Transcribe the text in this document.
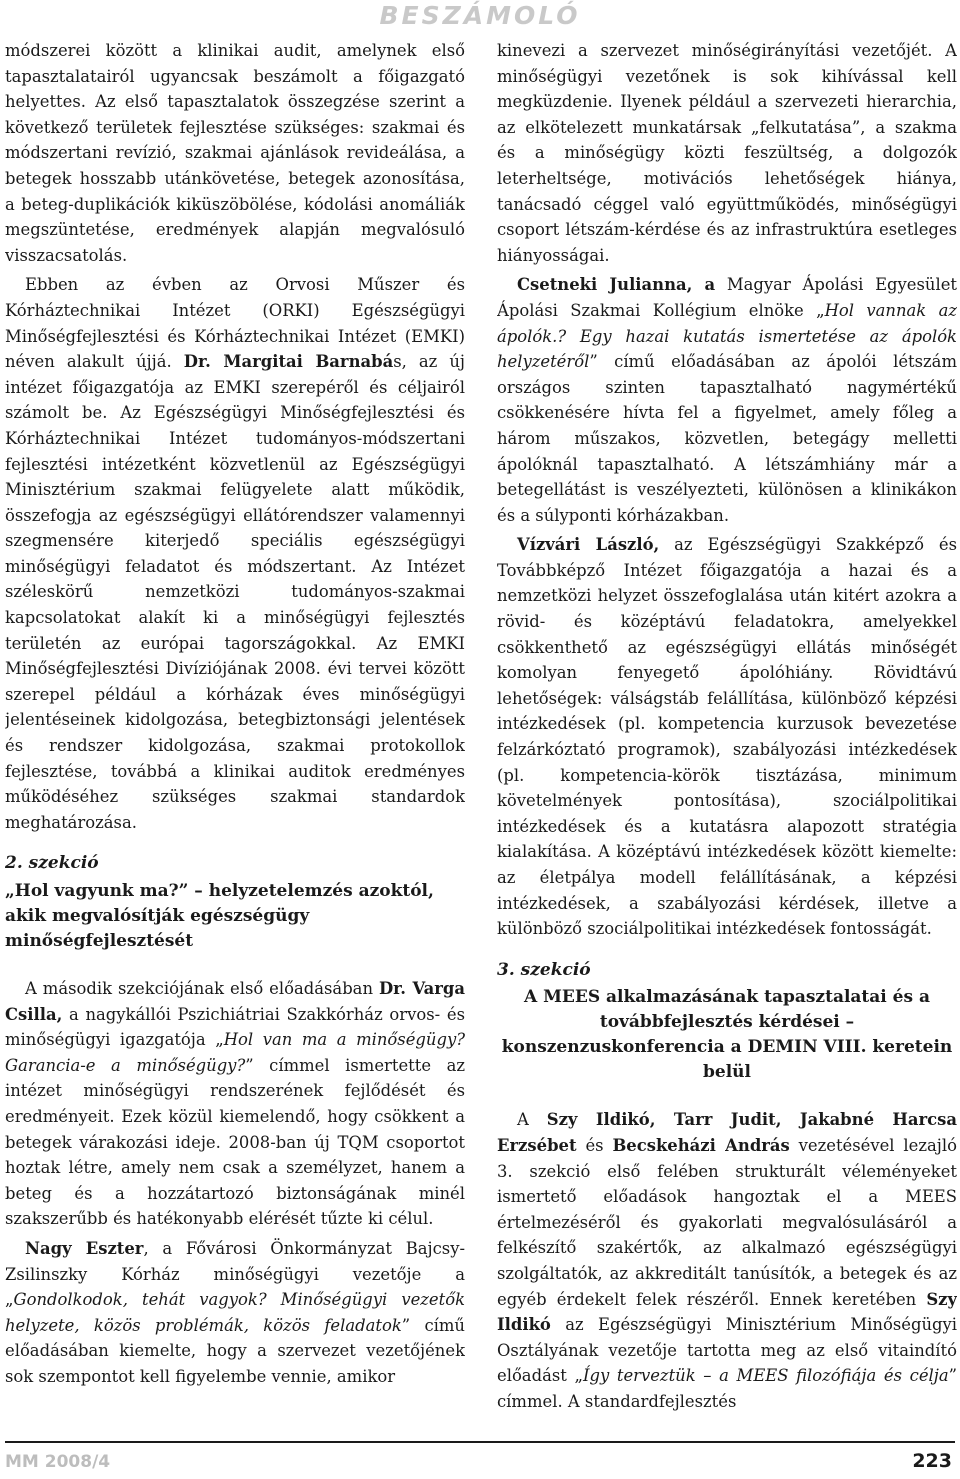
BESZÁMOLÓ

módszerei között a klinikai audit, amelynek első tapasztalatairól ugyancsak beszámolt a főigazgató helyettes. Az első tapasztalatok összegzése szerint a következő területek fejlesztése szükséges: szakmai és módszertani revízió, szakmai ajánlások revideálása, a betegek hosszabb utánkövetése, betegek azonosítása, a beteg-duplikációk kiküszöbölése, kódolási anomáliák megszüntetése, eredmények alapján megvalósuló visszacsatolás.

Ebben az évben az Orvosi Műszer és Kórháztechnikai Intézet (ORKI) Egészségügyi Minőségfejlesztési és Kórháztechnikai Intézet (EMKI) néven alakult újjá. Dr. Margitai Barnabás, az új intézet főigazgatója az EMKI szerepéről és céljairól számolt be. Az Egészségügyi Minőségfejlesztési és Kórháztechnikai Intézet tudományos-módszertani fejlesztési intézetként közvetlenül az Egészségügyi Minisztérium szakmai felügyelete alatt működik, összefogja az egészségügyi ellátórendszer valamennyi szegmensére kiterjedő speciális egészségügyi minőségügyi feladatot és módszertant. Az Intézet széleskörű nemzetközi tudományos-szakmai kapcsolatokat alakít ki a minőségügyi fejlesztés területén az európai tagországokkal. Az EMKI Minőségfejlesztési Divíziójának 2008. évi tervei között szerepel például a kórházak éves minőségügyi jelentéseinek kidolgozása, betegbiztonsági jelentések és rendszer kidolgozása, szakmai protokollok fejlesztése, továbbá a klinikai auditok eredményes működéséhez szükséges szakmai standardok meghatározása.

2. szekció
„Hol vagyunk ma?” – helyzetelemzés azoktól, akik megvalósítják egészségügy minőségfejlesztését

A második szekciójának első előadásában Dr. Varga Csilla, a nagykállói Pszichiátriai Szakkórház orvos- és minőségügyi igazgatója „Hol van ma a minőségügy? Garancia-e a minőségügy?” címmel ismertette az intézet minőségügyi rendszerének fejlődését és eredményeit. Ezek közül kiemelendő, hogy csökkent a betegek várakozási ideje. 2008-ban új TQM csoportot hoztak létre, amely nem csak a személyzet, hanem a beteg és a hozzátartozó biztonságának minél szakszerűbb és hatékonyabb elérését tűzte ki célul.

Nagy Eszter, a Fővárosi Önkormányzat Bajcsy-Zsilinszky Kórház minőségügyi vezetője a „Gondolkodok, tehát vagyok? Minőségügyi vezetők helyzete, közös problémák, közös feladatok” című előadásában kiemelte, hogy a szervezet vezetőjének sok szempontot kell figyelembe vennie, amikor

kinevezi a szervezet minőségirányítási vezetőjét. A minőségügyi vezetőnek is sok kihívással kell megküzdenie. Ilyenek például a szervezeti hierarchia, az elkötelezett munkatársak „felkutatása”, a szakma és a minőségügy közti feszültség, a dolgozók leterheltsége, motivációs lehetőségek hiánya, tanácsadó céggel való együttműködés, minőségügyi csoport létszám-kérdése és az infrastruktúra esetleges hiányosságai.

Csetneki Julianna, a Magyar Ápolási Egyesület Ápolási Szakmai Kollégium elnöke „Hol vannak az ápolók.? Egy hazai kutatás ismertetése az ápolók helyzetéről” című előadásában az ápolói létszám országos szinten tapasztalható nagymértékű csökkenésére hívta fel a figyelmet, amely főleg a három műszakos, közvetlen, betegágy melletti ápolóknál tapasztalható. A létszámhiány már a betegellátást is veszélyezteti, különösen a klinikákon és a súlyponti kórházakban.

Vízvári László, az Egészségügyi Szakképző és Továbbképző Intézet főigazgatója a hazai és a nemzetközi helyzet összefoglalása után kitért azokra a rövid- és középtávú feladatokra, amelyekkel csökkenthető az egészségügyi ellátás minőségét komolyan fenyegető ápolóhiány. Rövidtávú lehetőségek: válságstáb felállítása, különböző képzési intézkedések (pl. kompetencia kurzusok bevezetése felzárkóztató programok), szabályozási intézkedések (pl. kompetencia-körök tisztázása, minimum követelmények pontosítása), szociálpolitikai intézkedések és a kutatásra alapozott stratégia kialakítása. A középtávú intézkedések között kiemelte: az életpálya modell felállításának, a képzési intézkedések, a szabályozási kérdések, illetve a különböző szociálpolitikai intézkedések fontosságát.

3. szekció
A MEES alkalmazásának tapasztalatai és a továbbfejlesztés kérdései – konszenzuskonferencia a DEMIN VIII. keretein belül

A Szy Ildikó, Tarr Judit, Jakabné Harcsa Erzsébet és Becskeházi András vezetésével lezajló 3. szekció első felében strukturált véleményeket ismertető előadások hangoztak el a MEES értelmezéséről és gyakorlati megvalósulásáról a felkészítő szakértők, az alkalmazó egészségügyi szolgáltatók, az akkreditált tanúsítók, a betegek és az egyéb érdekelt felek részéről. Ennek keretében Szy Ildikó az Egészségügyi Minisztérium Minőségügyi Osztályának vezetője tartotta meg az első vitaindító előadást „Így terveztük – a MEES filozófiája és célja” címmel. A standardfejlesztés

MM 2008/4	223
